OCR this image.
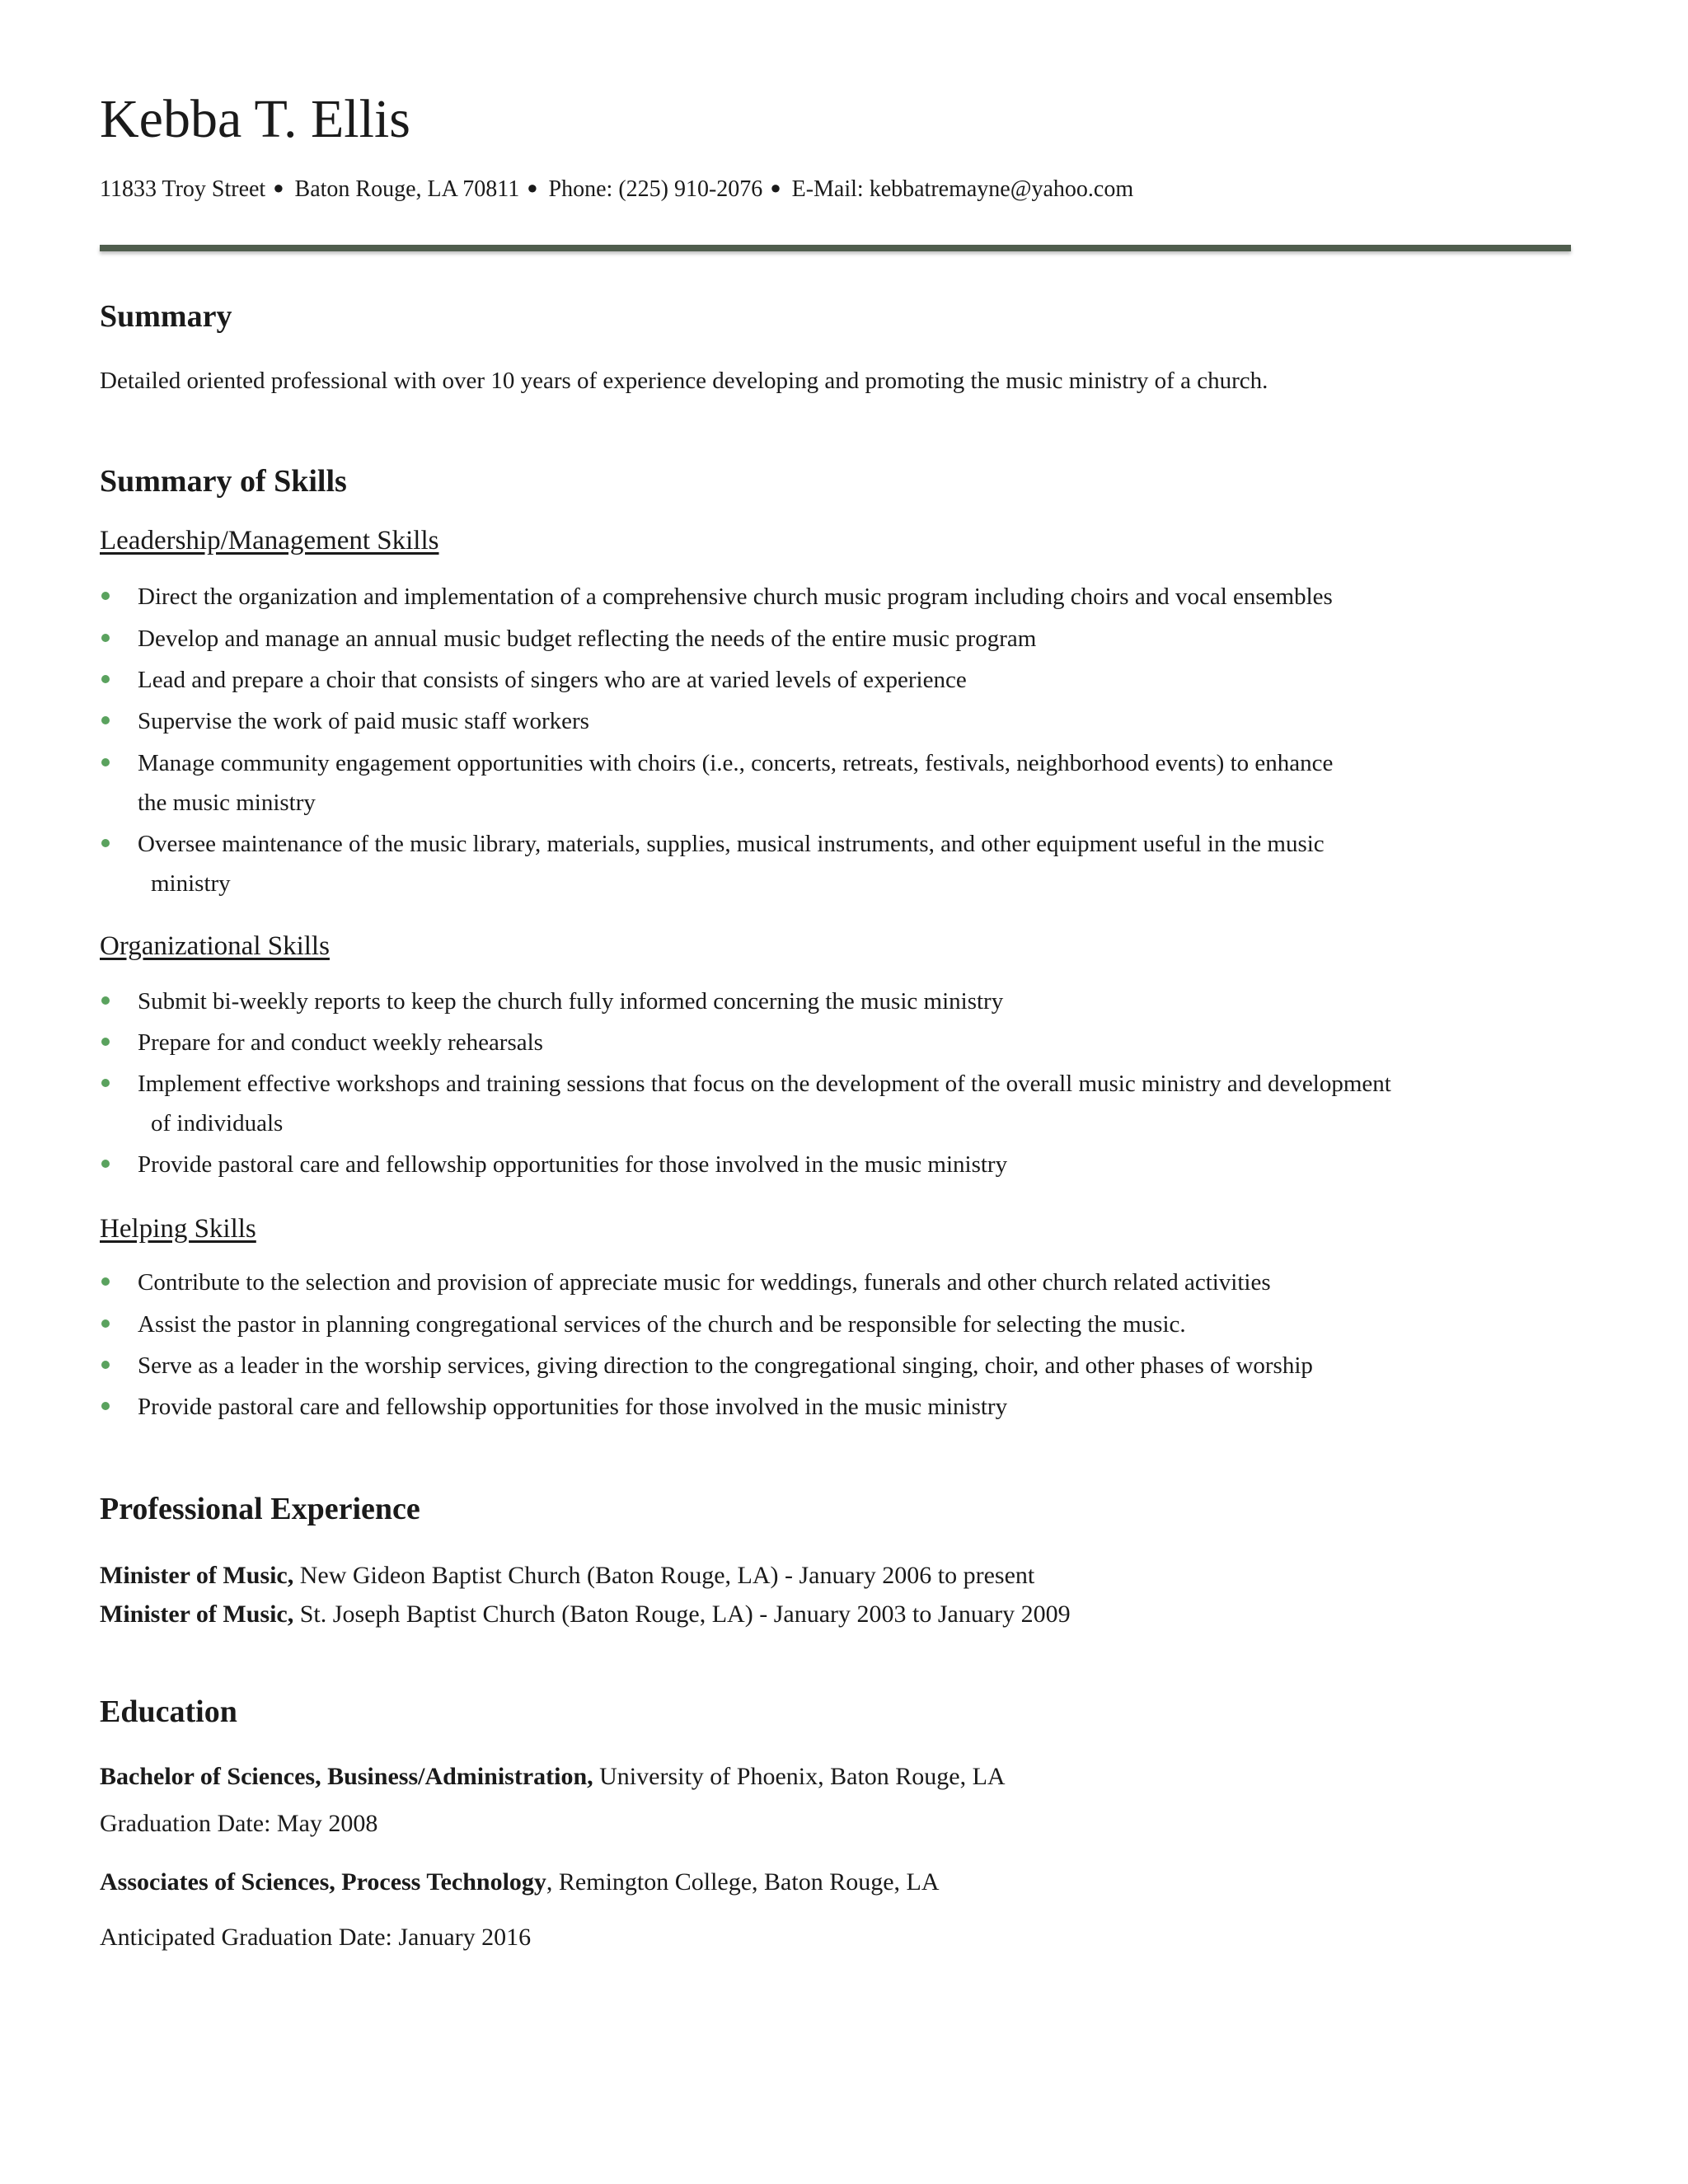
Kebba T. Ellis
11833 Troy Street ● Baton Rouge, LA 70811 ● Phone: (225) 910-2076 ● E-Mail: kebbatremayne@yahoo.com
Summary
Detailed oriented professional with over 10 years of experience developing and promoting the music ministry of a church.
Summary of Skills
Leadership/Management Skills
Direct the organization and implementation of a comprehensive church music program including choirs and vocal ensembles
Develop and manage an annual music budget reflecting the needs of the entire music program
Lead and prepare a choir that consists of singers who are at varied levels of experience
Supervise the work of paid music staff workers
Manage community engagement opportunities with choirs (i.e., concerts, retreats, festivals, neighborhood events) to enhance
the music ministry
Oversee maintenance of the music library, materials, supplies, musical instruments, and other equipment useful in the music
ministry
Organizational Skills
Submit bi-weekly reports to keep the church fully informed concerning the music ministry
Prepare for and conduct weekly rehearsals
Implement effective workshops and training sessions that focus on the development of the overall music ministry and development
of individuals
Provide pastoral care and fellowship opportunities for those involved in the music ministry
Helping Skills
Contribute to the selection and provision of appreciate music for weddings, funerals and other church related activities
Assist the pastor in planning congregational services of the church and be responsible for selecting the music.
Serve as a leader in the worship services, giving direction to the congregational singing, choir, and other phases of worship
Provide pastoral care and fellowship opportunities for those involved in the music ministry
Professional Experience
Minister of Music, New Gideon Baptist Church (Baton Rouge, LA) - January 2006 to present
Minister of Music, St. Joseph Baptist Church (Baton Rouge, LA) - January 2003 to January 2009
Education
Bachelor of Sciences, Business/Administration, University of Phoenix, Baton Rouge, LA
Graduation Date: May 2008
Associates of Sciences, Process Technology, Remington College, Baton Rouge, LA
Anticipated Graduation Date: January 2016
